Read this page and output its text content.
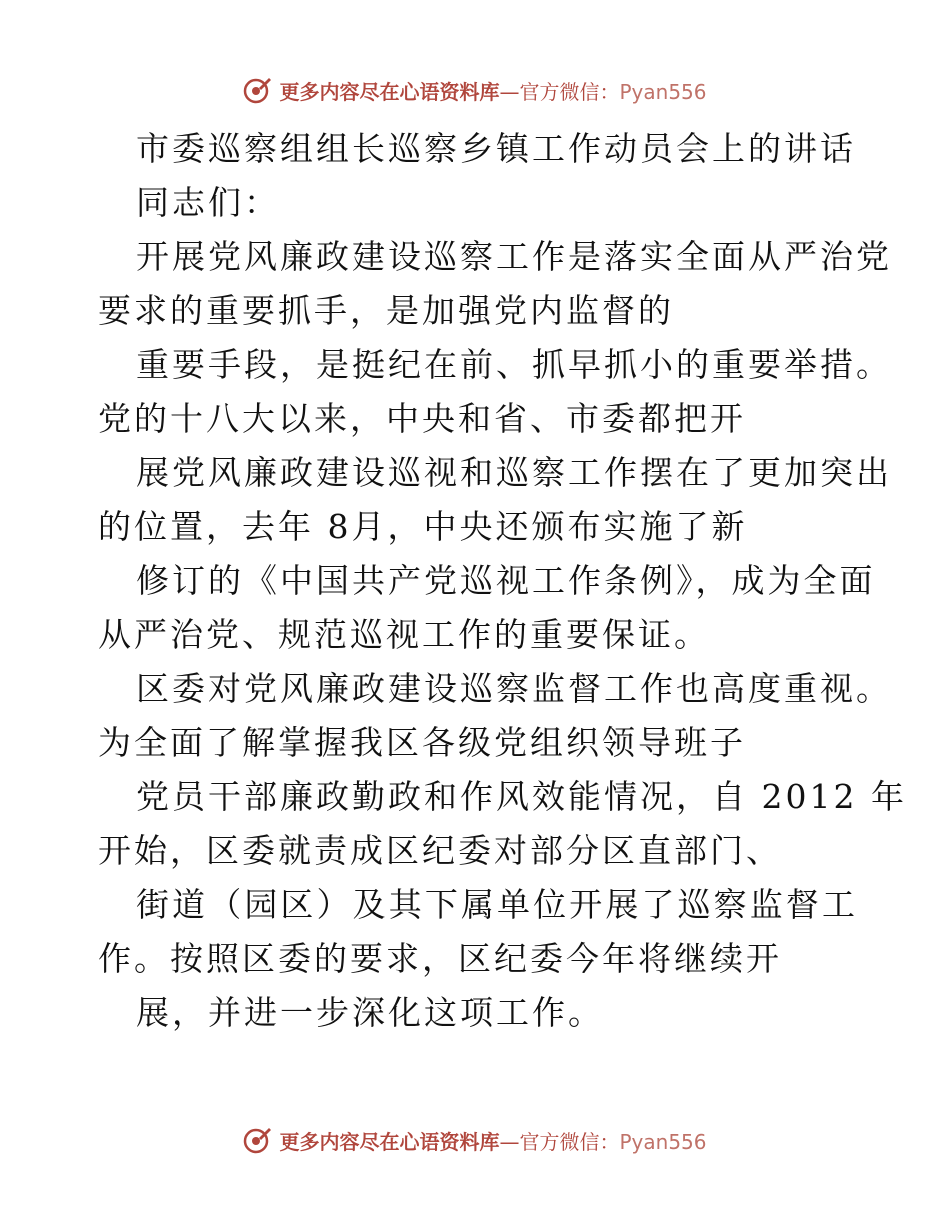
更多内容尽在心语资料库—官方微信：Pyan556
市委巡察组组长巡察乡镇工作动员会上的讲话
同志们：
开展党风廉政建设巡察工作是落实全面从严治党
要求的重要抓手，是加强党内监督的
重要手段，是挺纪在前、抓早抓小的重要举措。
党的十八大以来，中央和省、市委都把开
展党风廉政建设巡视和巡察工作摆在了更加突出
的位置，去年 8月，中央还颁布实施了新
修订的《中国共产党巡视工作条例》，成为全面
从严治党、规范巡视工作的重要保证。
区委对党风廉政建设巡察监督工作也高度重视。
为全面了解掌握我区各级党组织领导班子
党员干部廉政勤政和作风效能情况，自 2012 年
开始，区委就责成区纪委对部分区直部门、
街道（园区）及其下属单位开展了巡察监督工
作。按照区委的要求，区纪委今年将继续开
展，并进一步深化这项工作。
更多内容尽在心语资料库—官方微信：Pyan556
